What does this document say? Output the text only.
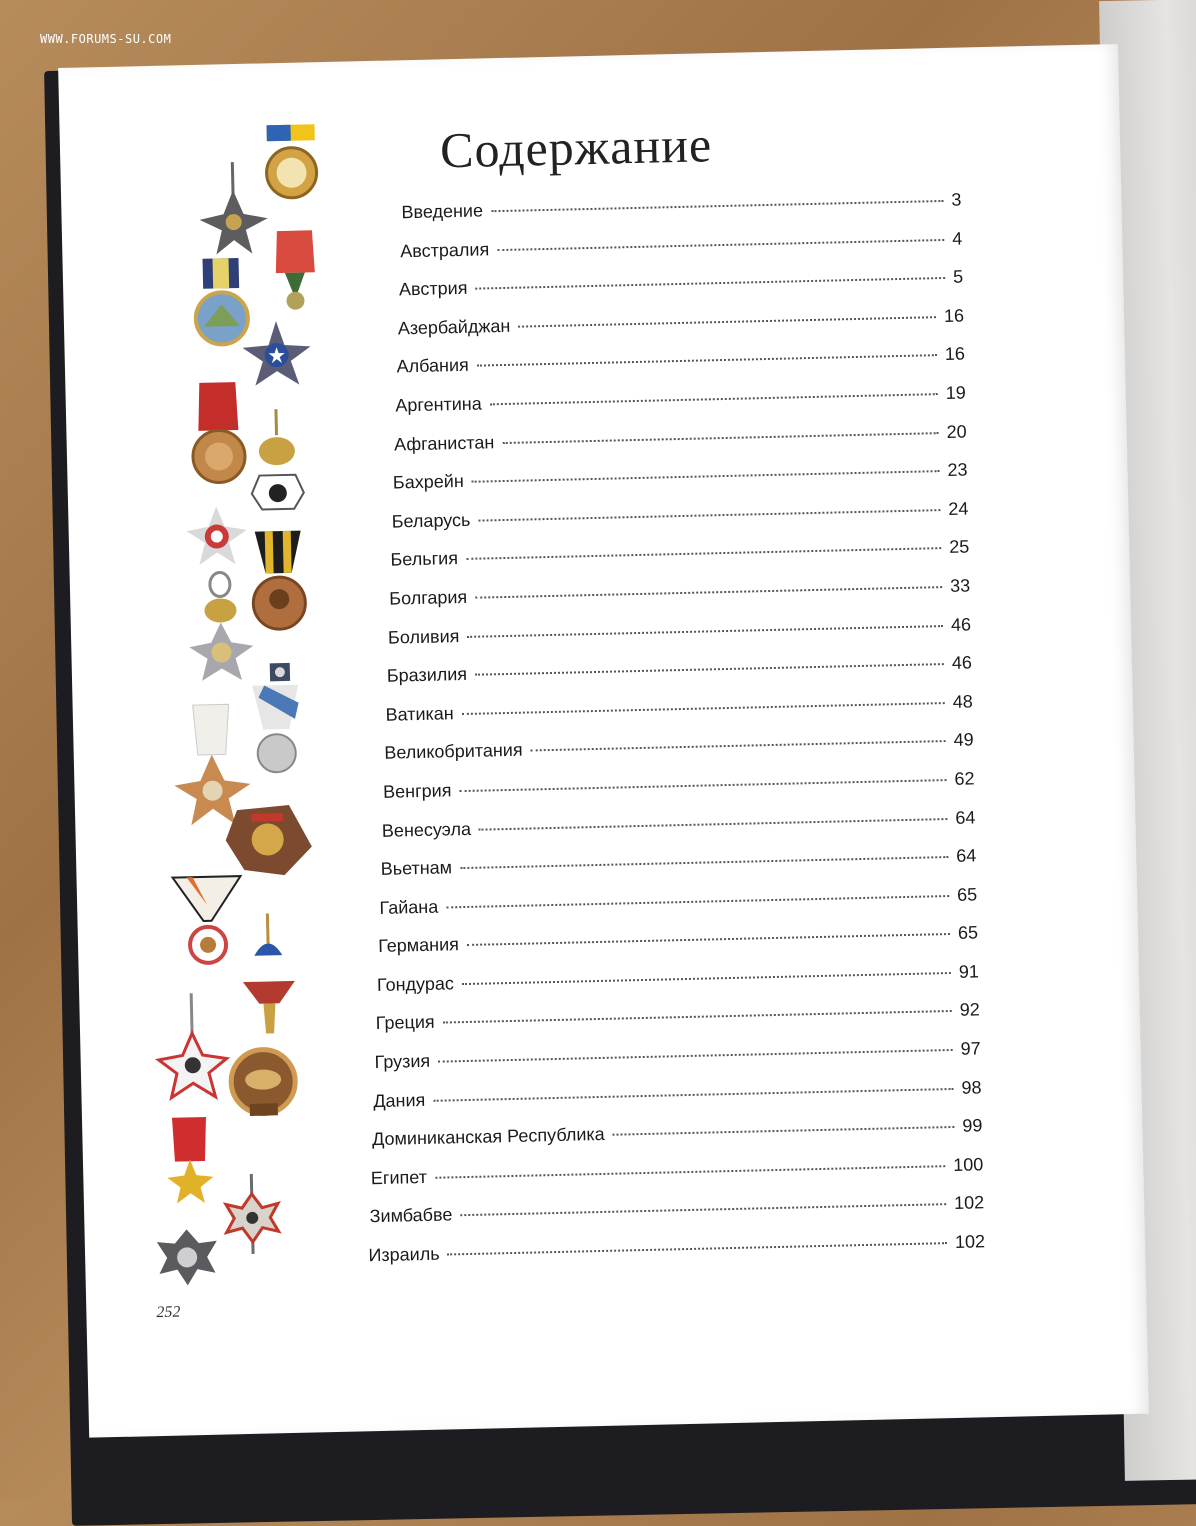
WWW.FORUMS-SU.COM
Содержание
Введение
3
Австралия
4
Австрия
5
Азербайджан
16
Албания
16
Аргентина
19
Афганистан
20
Бахрейн
23
Беларусь
24
Бельгия
25
Болгария
33
Боливия
46
Бразилия
46
Ватикан
48
Великобритания
49
Венгрия
62
Венесуэла
64
Вьетнам
64
Гайана
65
Германия
65
Гондурас
91
Греция
92
Грузия
97
Дания
98
Доминиканская Республика	99
Египет
100
Зимбабве
102
Израиль
102
252
